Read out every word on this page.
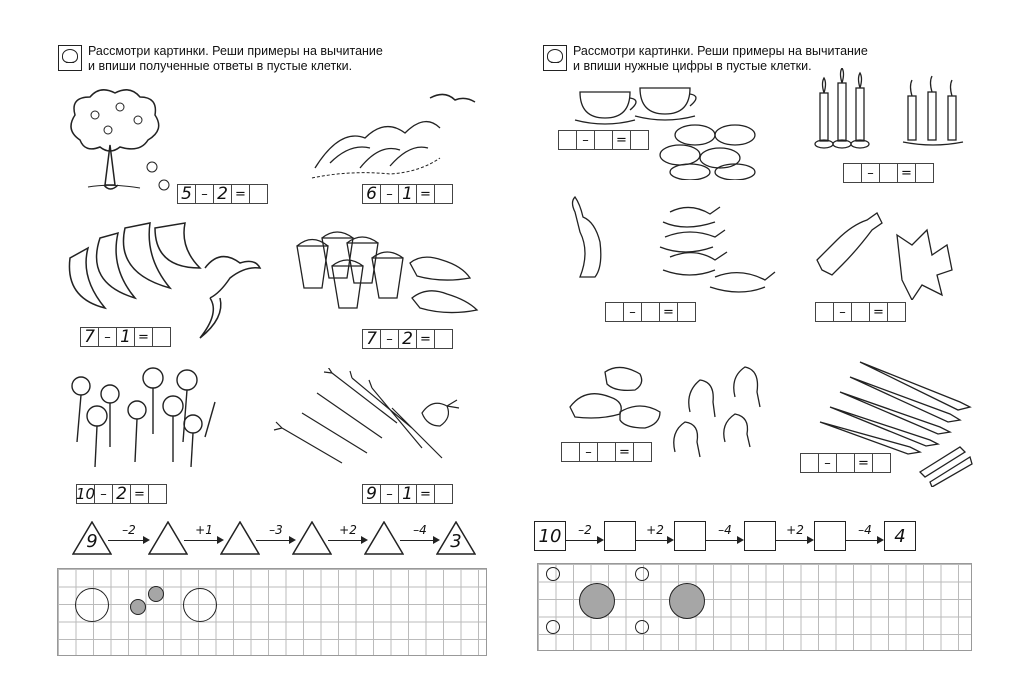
Рассмотри картинки. Реши примеры на вычитание
и впиши полученные ответы в пустые клетки.
5 – 2 =	6 – 1 =
7 – 1 =	7 – 2 =
10 – 2 =	9 – 1 =
9
–2	+1	–3	+2	–4
3
Рассмотри картинки. Реши примеры на вычитание
и впиши нужные цифры в пустые клетки.
–	=
–	=
–	=	–	=
–	=
–	=
10	–2	+2	–4	+2	–4	4
